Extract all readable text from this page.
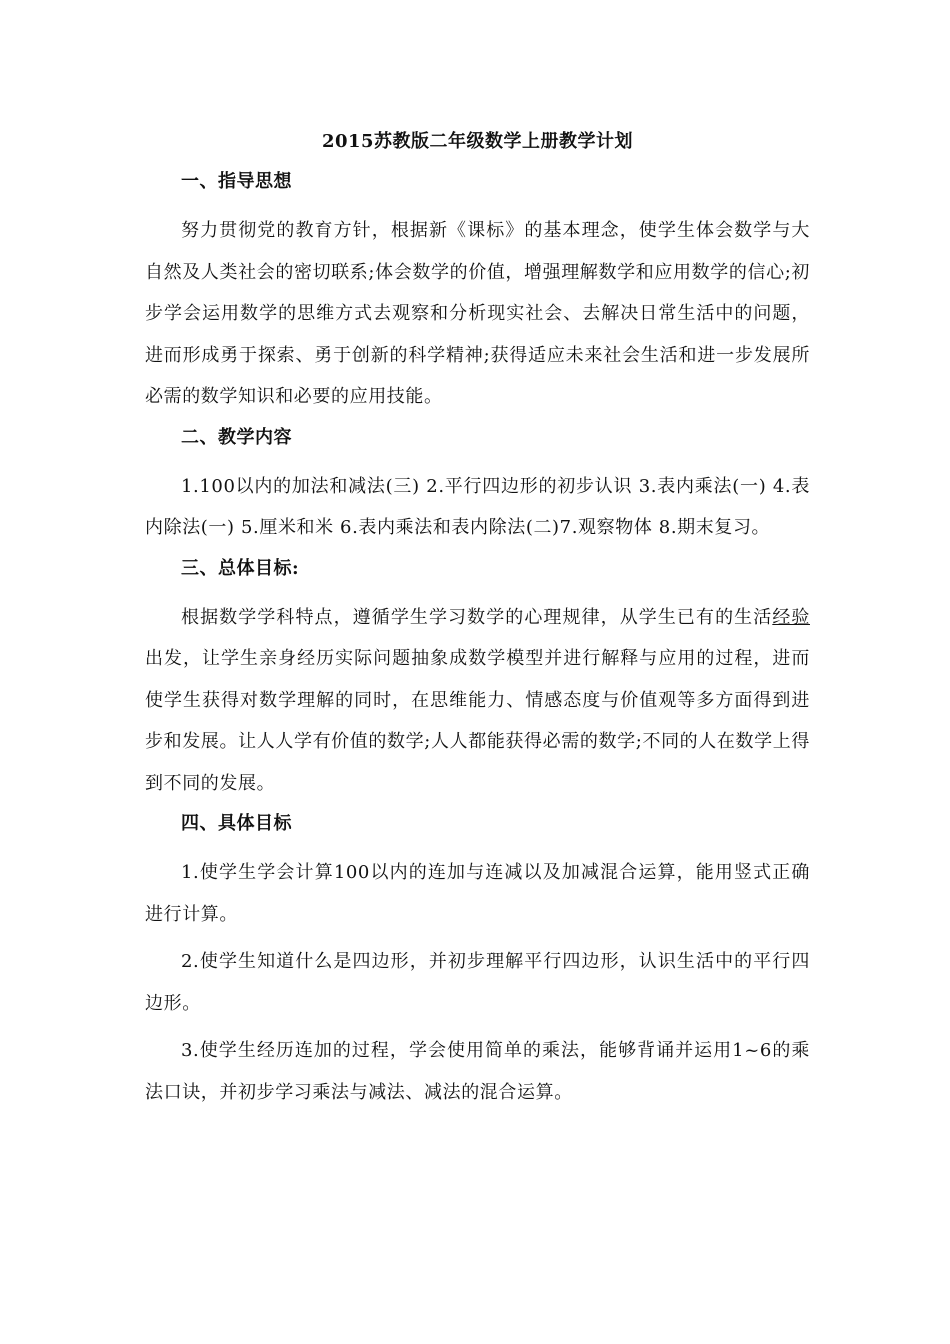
2015苏教版二年级数学上册教学计划
一、指导思想

努力贯彻党的教育方针，根据新《课标》的基本理念，使学生体会数学与大自然及人类社会的密切联系;体会数学的价值，增强理解数学和应用数学的信心;初步学会运用数学的思维方式去观察和分析现实社会、去解决日常生活中的问题，进而形成勇于探索、勇于创新的科学精神;获得适应未来社会生活和进一步发展所必需的数学知识和必要的应用技能。

二、教学内容

1.100以内的加法和减法(三) 2.平行四边形的初步认识 3.表内乘法(一) 4.表内除法(一) 5.厘米和米 6.表内乘法和表内除法(二)7.观察物体 8.期末复习。

三、总体目标:

根据数学学科特点，遵循学生学习数学的心理规律，从学生已有的生活经验出发，让学生亲身经历实际问题抽象成数学模型并进行解释与应用的过程，进而使学生获得对数学理解的同时，在思维能力、情感态度与价值观等多方面得到进步和发展。让人人学有价值的数学;人人都能获得必需的数学;不同的人在数学上得到不同的发展。

四、具体目标

1.使学生学会计算100以内的连加与连减以及加减混合运算，能用竖式正确进行计算。

2.使学生知道什么是四边形，并初步理解平行四边形，认识生活中的平行四边形。

3.使学生经历连加的过程，学会使用简单的乘法，能够背诵并运用1~6的乘法口诀，并初步学习乘法与减法、减法的混合运算。
